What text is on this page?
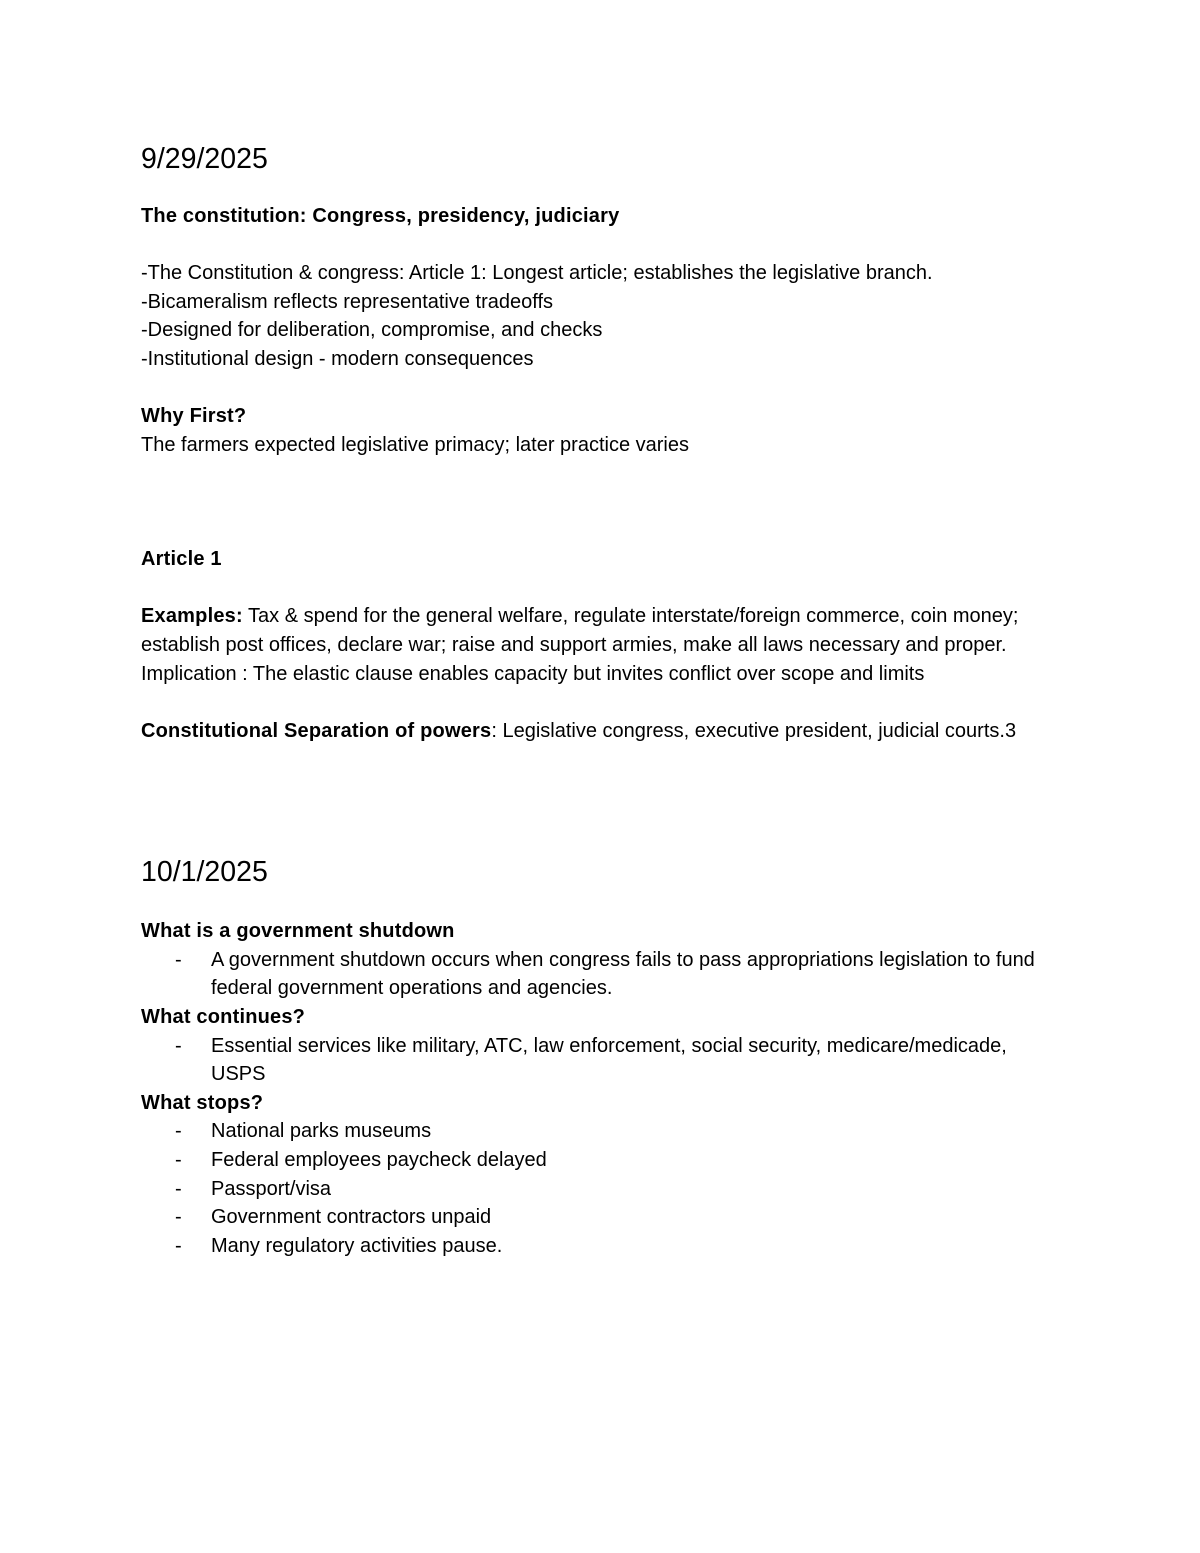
9/29/2025

The constitution: Congress, presidency, judiciary

-The Constitution & congress: Article 1: Longest article; establishes the legislative branch.

-Bicameralism reflects representative tradeoffs

-Designed for deliberation, compromise, and checks

-Institutional design - modern consequences

Why First?

The farmers expected legislative primacy; later practice varies

Article 1

Examples: Tax & spend for the general welfare, regulate interstate/foreign commerce, coin money; establish post offices, declare war; raise and support armies, make all laws necessary and proper.

Implication : The elastic clause enables capacity but invites conflict over scope and limits

Constitutional Separation of powers: Legislative congress, executive president, judicial courts.3

10/1/2025

What is a government shutdown

- A government shutdown occurs when congress fails to pass appropriations legislation to fund federal government operations and agencies.

What continues?

- Essential services like military, ATC, law enforcement, social security, medicare/medicade, USPS

What stops?

- National parks museums
- Federal employees paycheck delayed
- Passport/visa
- Government contractors unpaid
- Many regulatory activities pause.
